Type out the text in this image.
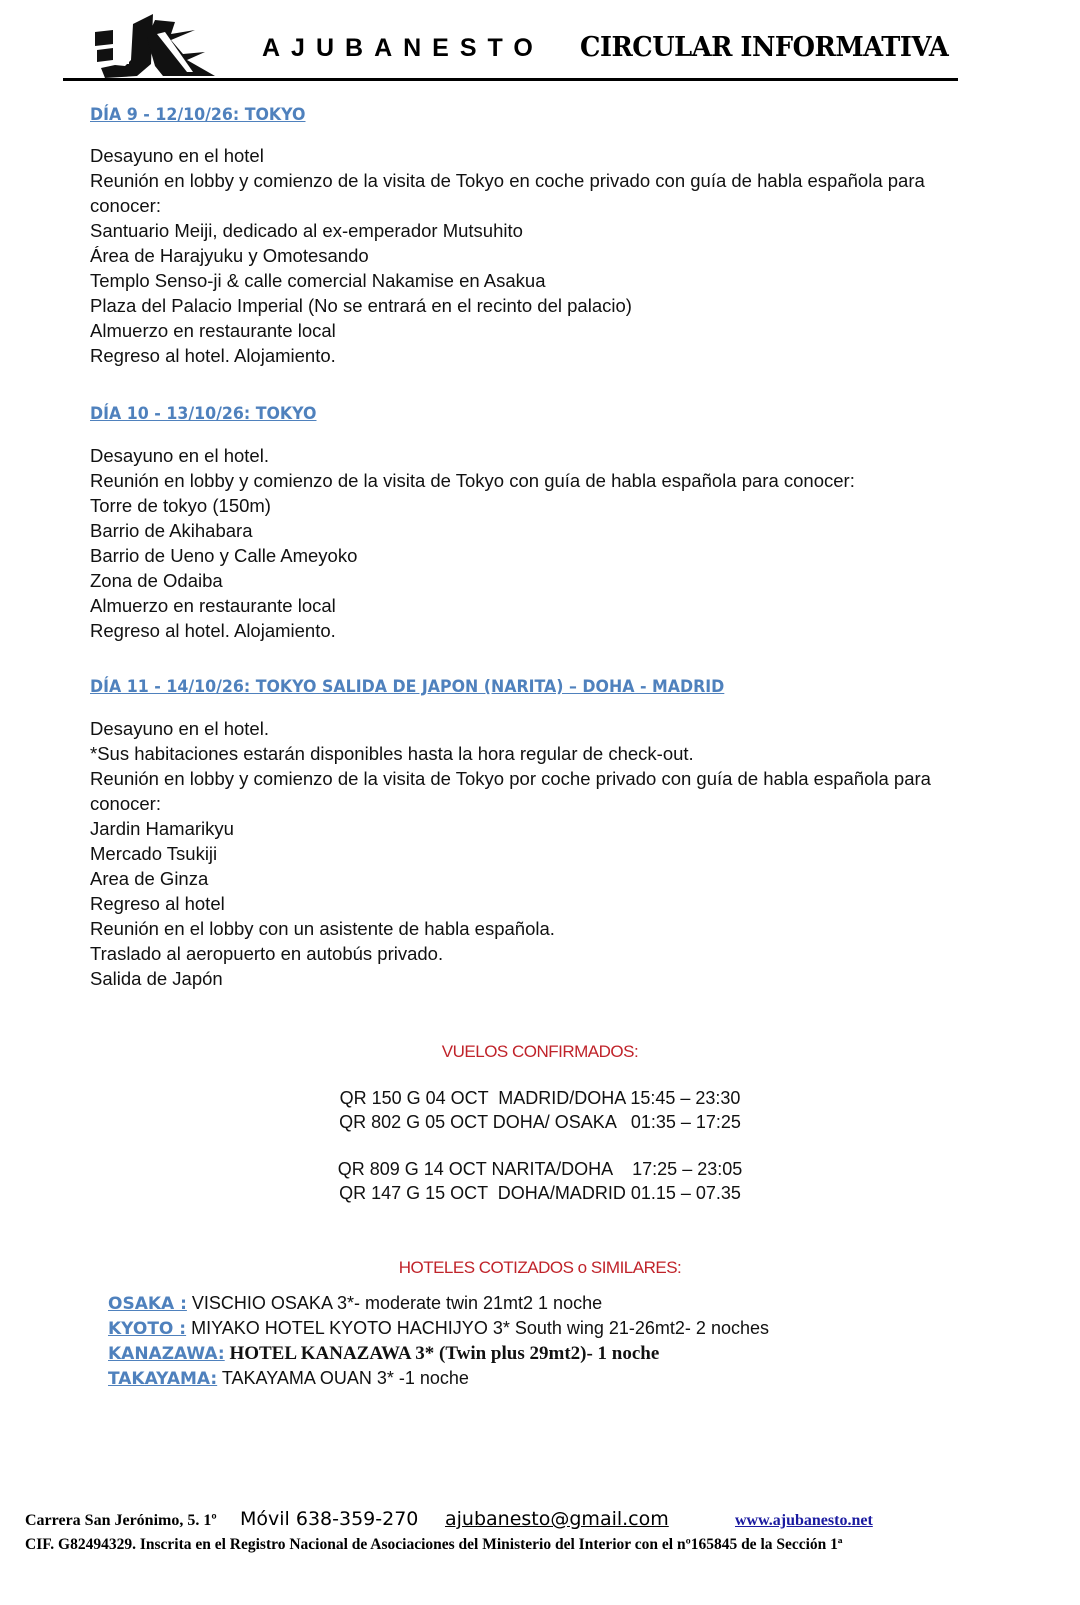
AJUBANESTO CIRCULAR INFORMATIVA
DÍA 9 - 12/10/26: TOKYO
Desayuno en el hotel
Reunión en lobby y comienzo de la visita de Tokyo en coche privado con guía de habla española para
conocer:
Santuario Meiji, dedicado al ex-emperador Mutsuhito
Área de Harajyuku y Omotesando
Templo Senso-ji & calle comercial Nakamise en Asakua
Plaza del Palacio Imperial (No se entrará en el recinto del palacio)
Almuerzo en restaurante local
Regreso al hotel. Alojamiento.
DÍA 10 - 13/10/26: TOKYO
Desayuno en el hotel.
Reunión en lobby y comienzo de la visita de Tokyo con guía de habla española para conocer:
Torre de tokyo (150m)
Barrio de Akihabara
Barrio de Ueno y Calle Ameyoko
Zona de Odaiba
Almuerzo en restaurante local
Regreso al hotel. Alojamiento.
DÍA 11 - 14/10/26: TOKYO SALIDA DE JAPON (NARITA) – DOHA - MADRID
Desayuno en el hotel.
*Sus habitaciones estarán disponibles hasta la hora regular de check-out.
Reunión en lobby y comienzo de la visita de Tokyo por coche privado con guía de habla española para
conocer:
Jardin Hamarikyu
Mercado Tsukiji
Area de Ginza
Regreso al hotel
Reunión en el lobby con un asistente de habla española.
Traslado al aeropuerto en autobús privado.
Salida de Japón
VUELOS CONFIRMADOS:
QR 150 G 04 OCT  MADRID/DOHA 15:45 – 23:30
QR 802 G 05 OCT DOHA/ OSAKA   01:35 – 17:25
QR 809 G 14 OCT NARITA/DOHA    17:25 – 23:05
QR 147 G 15 OCT  DOHA/MADRID 01.15 – 07.35
HOTELES COTIZADOS o SIMILARES:
OSAKA : VISCHIO OSAKA 3*- moderate twin 21mt2 1 noche
KYOTO : MIYAKO HOTEL KYOTO HACHIJYO 3* South wing 21-26mt2- 2 noches
KANAZAWA: HOTEL KANAZAWA 3* (Twin plus 29mt2)- 1 noche
TAKAYAMA: TAKAYAMA OUAN 3* -1 noche
Carrera San Jerónimo, 5. 1º Móvil 638-359-270 ajubanesto@gmail.com	www.ajubanesto.net
CIF. G82494329. Inscrita en el Registro Nacional de Asociaciones del Ministerio del Interior con el nº165845 de la Sección 1ª
